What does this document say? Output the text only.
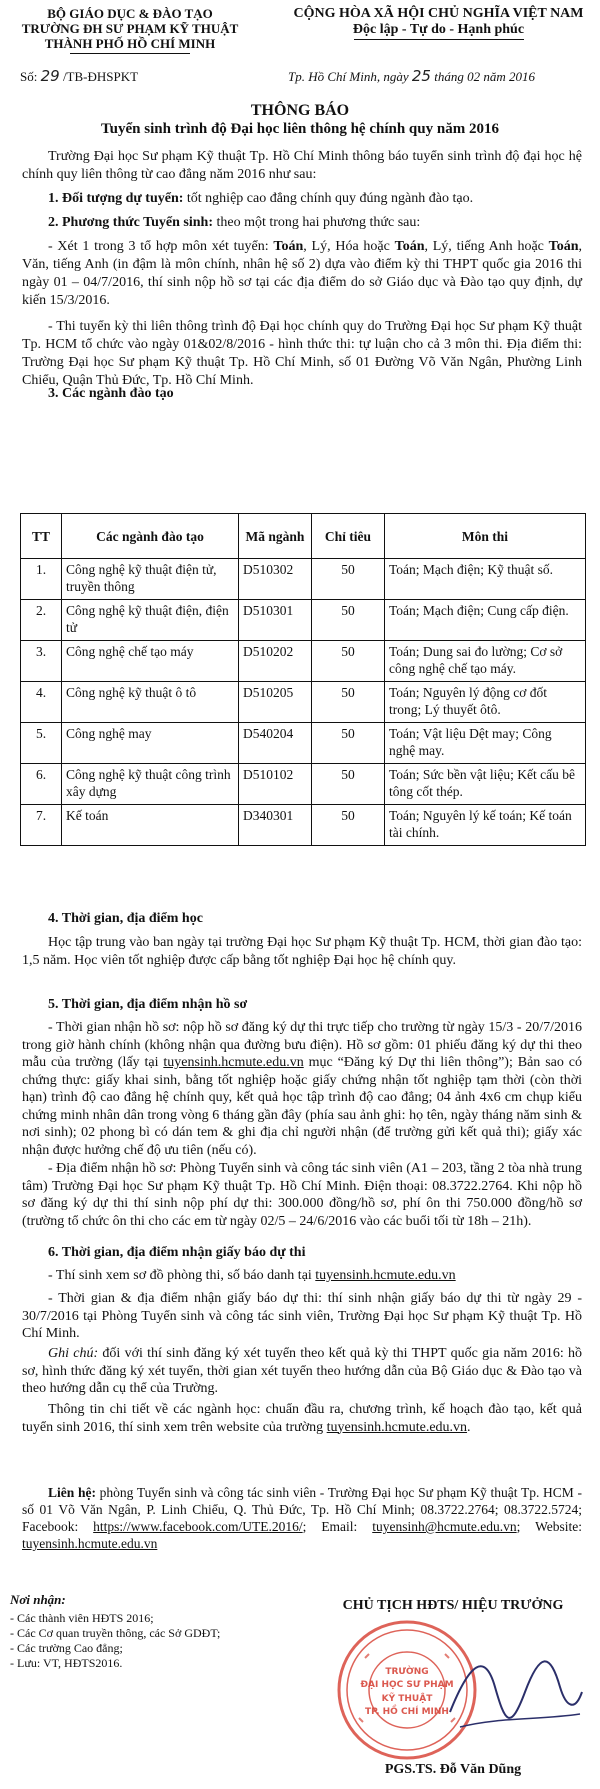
BỘ GIÁO DỤC & ĐÀO TẠO
TRƯỜNG ĐH SƯ PHẠM KỸ THUẬT
THÀNH PHỐ HỒ CHÍ MINH
CỘNG HÒA XÃ HỘI CHỦ NGHĨA VIỆT NAM
Độc lập - Tự do - Hạnh phúc
Số: 29 /TB-ĐHSPKT	Tp. Hồ Chí Minh, ngày 25 tháng 02 năm 2016
THÔNG BÁO
Tuyển sinh trình độ Đại học liên thông hệ chính quy năm 2016
Trường Đại học Sư phạm Kỹ thuật Tp. Hồ Chí Minh thông báo tuyển sinh trình độ đại học hệ chính quy liên thông từ cao đẳng năm 2016 như sau:
1. Đối tượng dự tuyển: tốt nghiệp cao đẳng chính quy đúng ngành đào tạo.
2. Phương thức Tuyển sinh: theo một trong hai phương thức sau:
- Xét 1 trong 3 tổ hợp môn xét tuyển: Toán, Lý, Hóa hoặc Toán, Lý, tiếng Anh hoặc Toán, Văn, tiếng Anh (in đậm là môn chính, nhân hệ số 2) dựa vào điểm kỳ thi THPT quốc gia 2016 thi ngày 01 – 04/7/2016, thí sinh nộp hồ sơ tại các địa điểm do sở Giáo dục và Đào tạo quy định, dự kiến 15/3/2016.
- Thi tuyển kỳ thi liên thông trình độ Đại học chính quy do Trường Đại học Sư phạm Kỹ thuật Tp. HCM tổ chức vào ngày 01&02/8/2016 - hình thức thi: tự luận cho cả 3 môn thi. Địa điểm thi: Trường Đại học Sư phạm Kỹ thuật Tp. Hồ Chí Minh, số 01 Đường Võ Văn Ngân, Phường Linh Chiểu, Quận Thủ Đức, Tp. Hồ Chí Minh.
3. Các ngành đào tạo
TT	Các ngành đào tạo	Mã ngành	Chỉ tiêu	Môn thi
1.	Công nghệ kỹ thuật điện tử, truyền thông	D510302	50	Toán; Mạch điện; Kỹ thuật số.
2.	Công nghệ kỹ thuật điện, điện tử	D510301	50	Toán; Mạch điện; Cung cấp điện.
3.	Công nghệ chế tạo máy	D510202	50	Toán; Dung sai đo lường; Cơ sở công nghệ chế tạo máy.
4.	Công nghệ kỹ thuật ô tô	D510205	50	Toán; Nguyên lý động cơ đốt trong; Lý thuyết ôtô.
5.	Công nghệ may	D540204	50	Toán; Vật liệu Dệt may; Công nghệ may.
6.	Công nghệ kỹ thuật công trình xây dựng	D510102	50	Toán; Sức bền vật liệu; Kết cấu bê tông cốt thép.
7.	Kế toán	D340301	50	Toán; Nguyên lý kế toán; Kế toán tài chính.
4. Thời gian, địa điểm học
Học tập trung vào ban ngày tại trường Đại học Sư phạm Kỹ thuật Tp. HCM, thời gian đào tạo: 1,5 năm. Học viên tốt nghiệp được cấp bằng tốt nghiệp Đại học hệ chính quy.
5. Thời gian, địa điểm nhận hồ sơ
- Thời gian nhận hồ sơ: nộp hồ sơ đăng ký dự thi trực tiếp cho trường từ ngày 15/3 - 20/7/2016 trong giờ hành chính (không nhận qua đường bưu điện). Hồ sơ gồm: 01 phiếu đăng ký dự thi theo mẫu của trường (lấy tại tuyensinh.hcmute.edu.vn mục “Đăng ký Dự thi liên thông”); Bản sao có chứng thực: giấy khai sinh, bằng tốt nghiệp hoặc giấy chứng nhận tốt nghiệp tạm thời (còn thời hạn) trình độ cao đẳng hệ chính quy, kết quả học tập trình độ cao đẳng; 04 ảnh 4x6 cm chụp kiểu chứng minh nhân dân trong vòng 6 tháng gần đây (phía sau ảnh ghi: họ tên, ngày tháng năm sinh & nơi sinh); 02 phong bì có dán tem & ghi địa chỉ người nhận (để trường gửi kết quả thi); giấy xác nhận được hưởng chế độ ưu tiên (nếu có).
- Địa điểm nhận hồ sơ: Phòng Tuyển sinh và công tác sinh viên (A1 – 203, tầng 2 tòa nhà trung tâm) Trường Đại học Sư phạm Kỹ thuật Tp. Hồ Chí Minh. Điện thoại: 08.3722.2764. Khi nộp hồ sơ đăng ký dự thi thí sinh nộp phí dự thi: 300.000 đồng/hồ sơ, phí ôn thi 750.000 đồng/hồ sơ (trường tổ chức ôn thi cho các em từ ngày 02/5 – 24/6/2016 vào các buổi tối từ 18h – 21h).
6. Thời gian, địa điểm nhận giấy báo dự thi
- Thí sinh xem sơ đồ phòng thi, số báo danh tại tuyensinh.hcmute.edu.vn
- Thời gian & địa điểm nhận giấy báo dự thi: thí sinh nhận giấy báo dự thi từ ngày 29 - 30/7/2016 tại Phòng Tuyển sinh và công tác sinh viên, Trường Đại học Sư phạm Kỹ thuật Tp. Hồ Chí Minh.
Ghi chú: đối với thí sinh đăng ký xét tuyển theo kết quả kỳ thi THPT quốc gia năm 2016: hồ sơ, hình thức đăng ký xét tuyển, thời gian xét tuyển theo hướng dẫn của Bộ Giáo dục & Đào tạo và theo hướng dẫn cụ thể của Trường.
Thông tin chi tiết về các ngành học: chuẩn đầu ra, chương trình, kế hoạch đào tạo, kết quả tuyển sinh 2016, thí sinh xem trên website của trường tuyensinh.hcmute.edu.vn.
Liên hệ: phòng Tuyển sinh và công tác sinh viên - Trường Đại học Sư phạm Kỹ thuật Tp. HCM - số 01 Võ Văn Ngân, P. Linh Chiểu, Q. Thủ Đức, Tp. Hồ Chí Minh; 08.3722.2764; 08.3722.5724; Facebook: https://www.facebook.com/UTE.2016/; Email: tuyensinh@hcmute.edu.vn; Website: tuyensinh.hcmute.edu.vn
Nơi nhận:
- Các thành viên HĐTS 2016;
- Các Cơ quan truyền thông, các Sở GDĐT;
- Các trường Cao đẳng;
- Lưu: VT, HĐTS2016.
CHỦ TỊCH HĐTS/ HIỆU TRƯỞNG
TRƯỜNG
ĐẠI HỌC SƯ PHẠM
KỸ THUẬT
TP. HỒ CHÍ MINH
PGS.TS. Đỗ Văn Dũng
